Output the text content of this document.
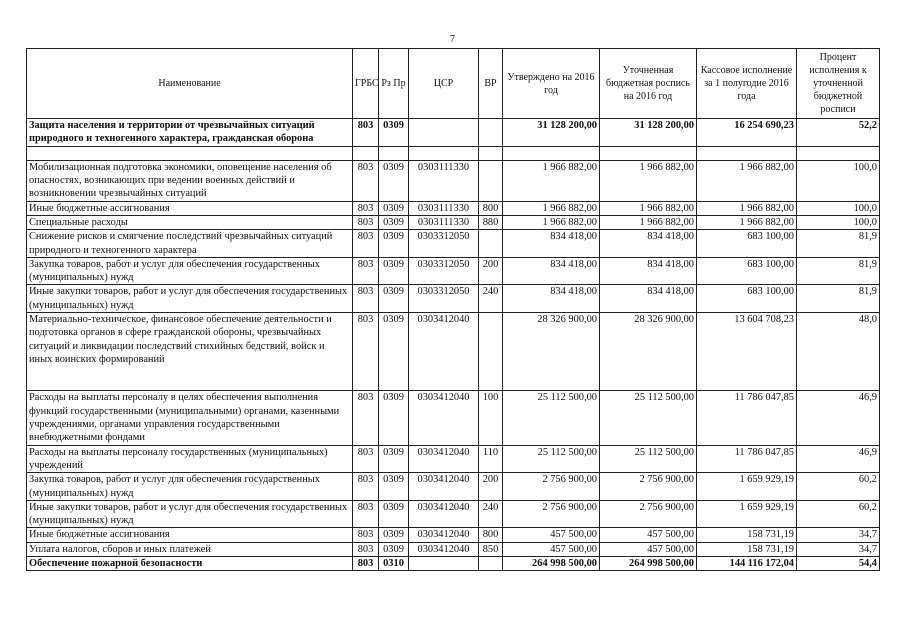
7
Наименование	ГРБС	Рз Пр	ЦСР	ВР	Утверждено на 2016 год	Уточненная бюджетная роспись на 2016 год	Кассовое исполнение за 1 полугодие 2016 года	Процент исполнения к уточненной бюджетной росписи
Защита населения и территории от чрезвычайных ситуаций природного и техногенного характера, гражданская оборона	803	0309			31 128 200,00	31 128 200,00	16 254 690,23	52,2

Мобилизационная подготовка экономики, оповещение населения об опасностях, возникающих при ведении военных действий и возникновении чрезвычайных ситуаций	803	0309	0303111330		1 966 882,00	1 966 882,00	1 966 882,00	100,0
Иные бюджетные ассигнования	803	0309	0303111330	800	1 966 882,00	1 966 882,00	1 966 882,00	100,0
Специальные расходы	803	0309	0303111330	880	1 966 882,00	1 966 882,00	1 966 882,00	100,0
Снижение рисков и смягчение последствий чрезвычайных ситуаций природного и техногенного характера	803	0309	0303312050		834 418,00	834 418,00	683 100,00	81,9
Закупка товаров, работ и услуг для обеспечения государственных (муниципальных) нужд	803	0309	0303312050	200	834 418,00	834 418,00	683 100,00	81,9
Иные закупки товаров, работ и услуг для обеспечения государственных (муниципальных) нужд	803	0309	0303312050	240	834 418,00	834 418,00	683 100,00	81,9
Материально-техническое, финансовое обеспечение деятельности и подготовка органов в сфере гражданской обороны, чрезвычайных ситуаций и ликвидации последствий стихийных бедствий, войск и иных воинских формирований	803	0309	0303412040		28 326 900,00	28 326 900,00	13 604 708,23	48,0
Расходы на выплаты персоналу в целях обеспечения выполнения функций государственными (муниципальными) органами, казенными учреждениями, органами управления государственными внебюджетными фондами	803	0309	0303412040	100	25 112 500,00	25 112 500,00	11 786 047,85	46,9
Расходы на выплаты персоналу государственных (муниципальных) учреждений	803	0309	0303412040	110	25 112 500,00	25 112 500,00	11 786 047,85	46,9
Закупка товаров, работ и услуг для обеспечения государственных (муниципальных) нужд	803	0309	0303412040	200	2 756 900,00	2 756 900,00	1 659 929,19	60,2
Иные закупки товаров, работ и услуг для обеспечения государственных (муниципальных) нужд	803	0309	0303412040	240	2 756 900,00	2 756 900,00	1 659 929,19	60,2
Иные бюджетные ассигнования	803	0309	0303412040	800	457 500,00	457 500,00	158 731,19	34,7
Уплата налогов, сборов и иных платежей	803	0309	0303412040	850	457 500,00	457 500,00	158 731,19	34,7
Обеспечение пожарной безопасности	803	0310			264 998 500,00	264 998 500,00	144 116 172,04	54,4
